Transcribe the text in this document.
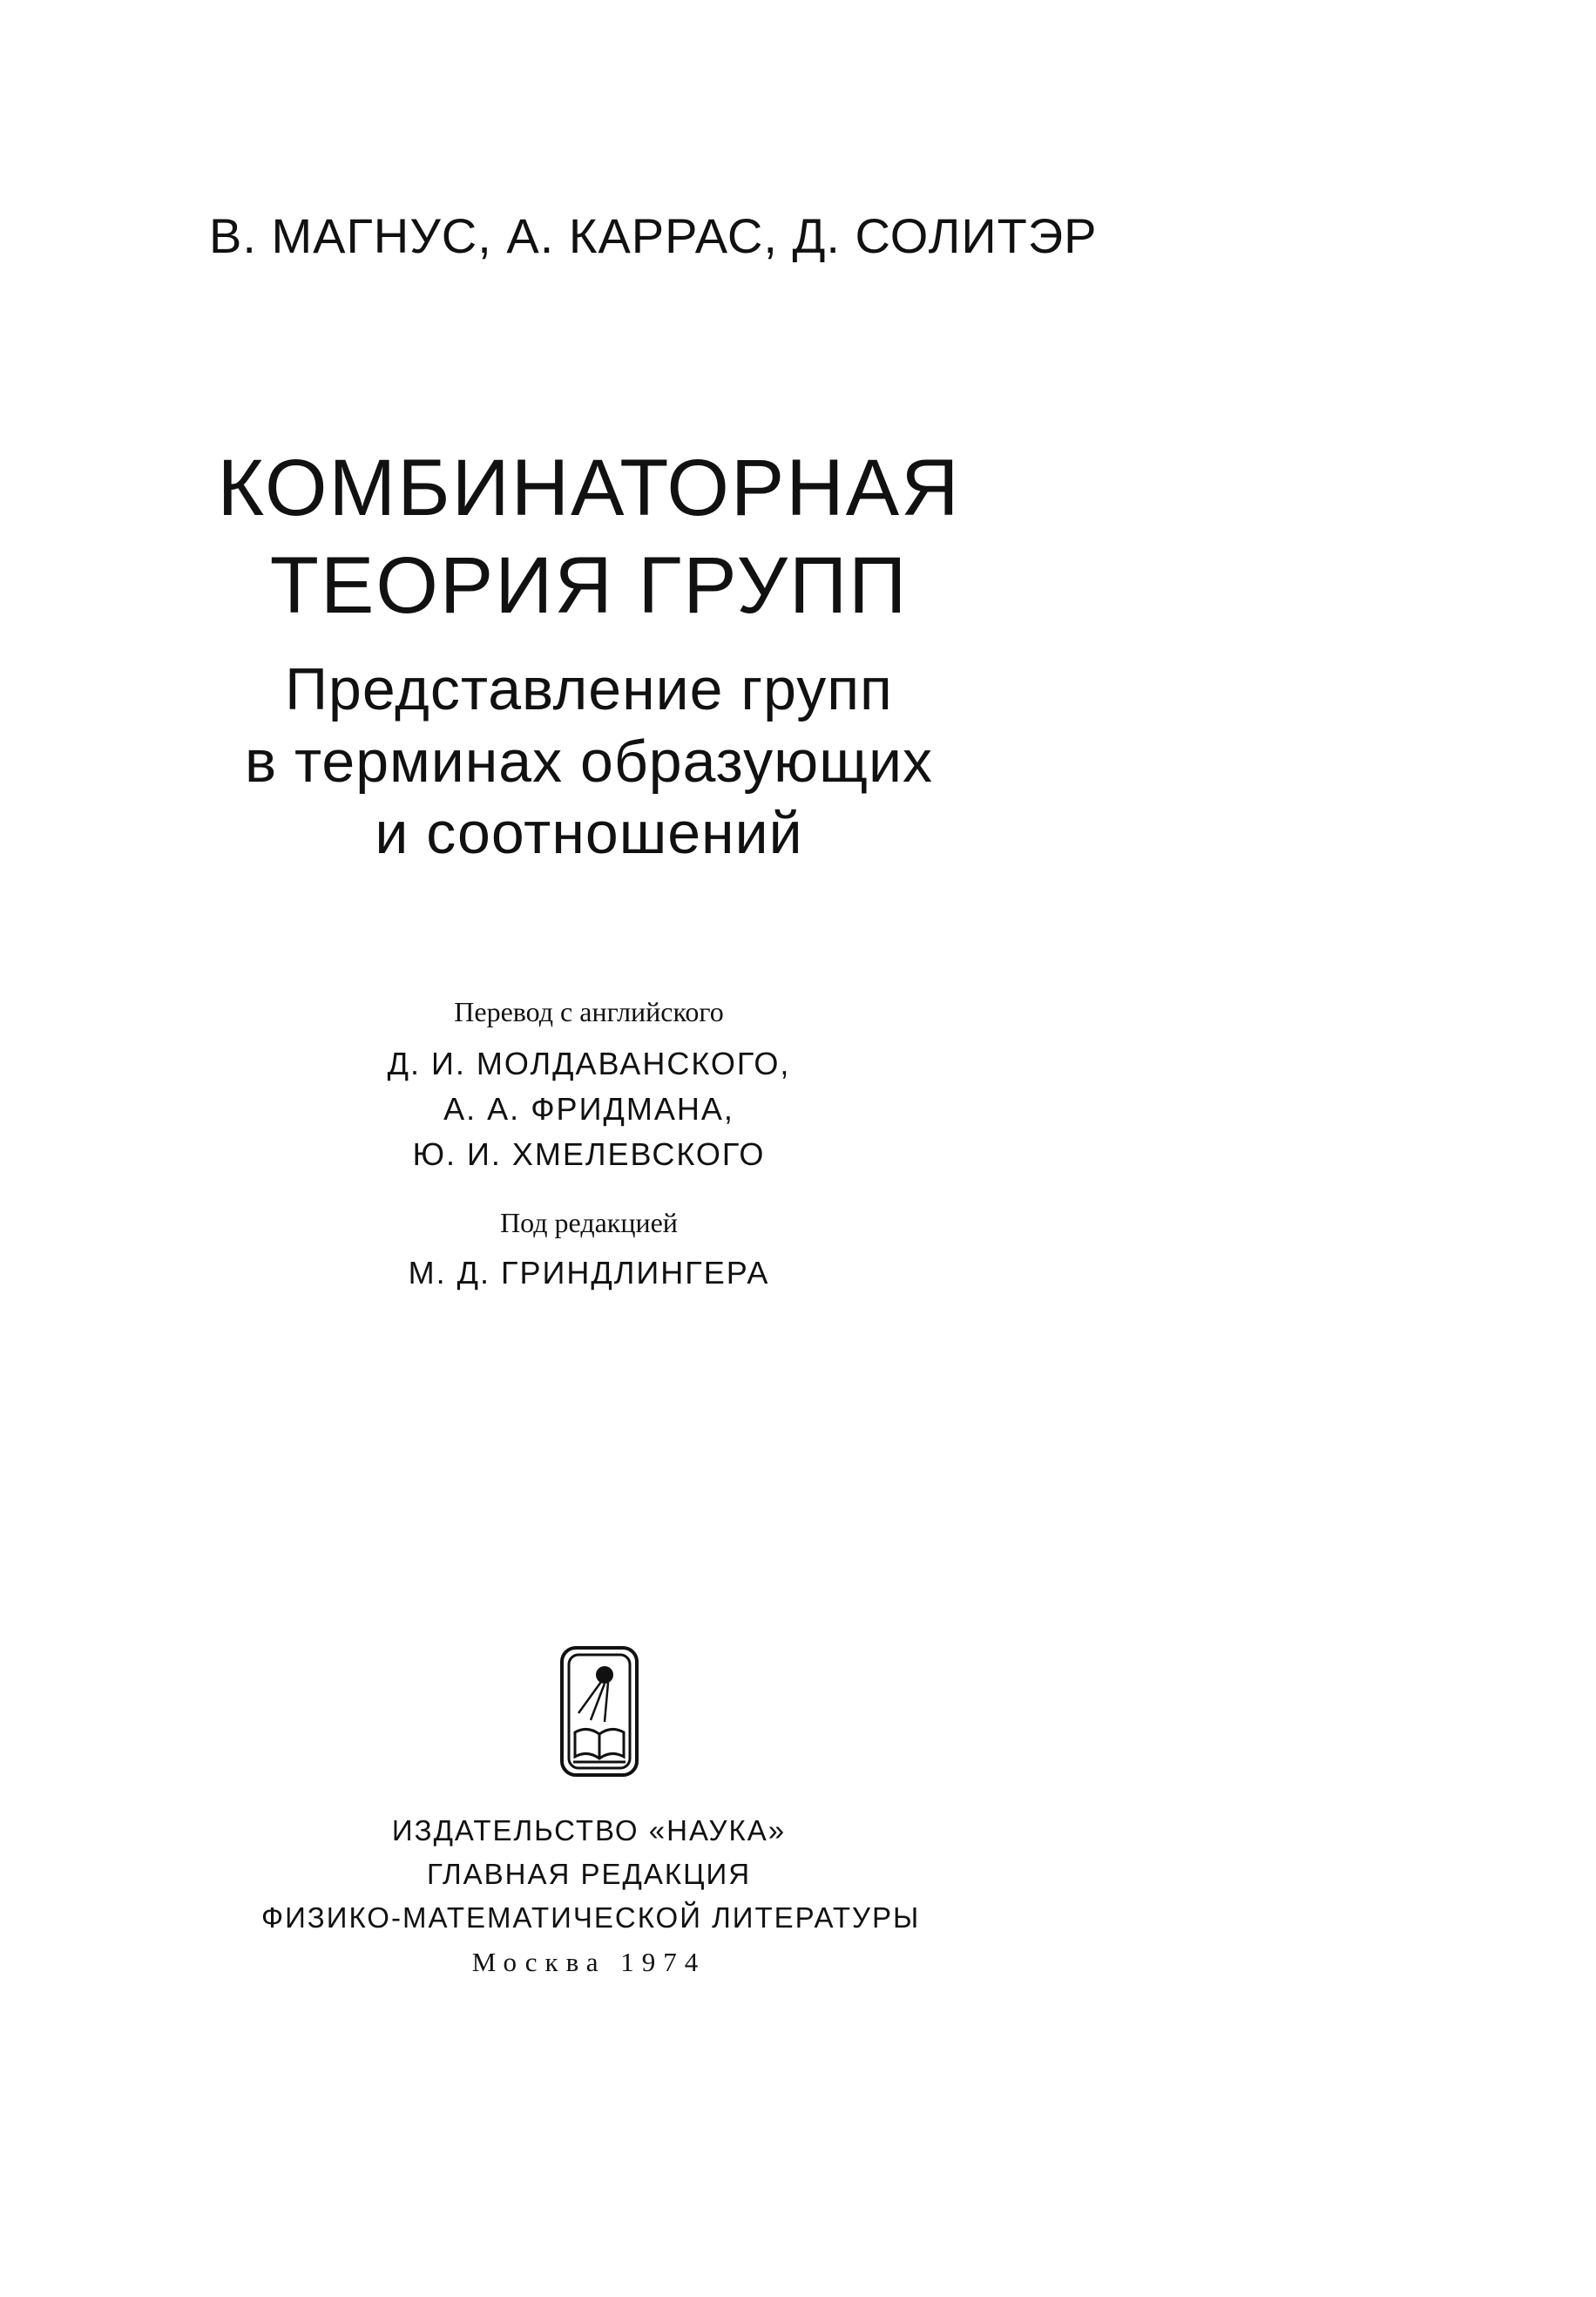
В. МАГНУС, А. КАРРАС, Д. СОЛИТЭР
КОМБИНАТОРНАЯ
ТЕОРИЯ ГРУПП
Представление групп
в терминах образующих
и соотношений
Перевод с английского
Д. И. МОЛДАВАНСКОГО,
А. А. ФРИДМАНА,
Ю. И. ХМЕЛЕВСКОГО
Под редакцией
М. Д. ГРИНДЛИНГЕРА
ИЗДАТЕЛЬСТВО «НАУКА»
ГЛАВНАЯ РЕДАКЦИЯ
ФИЗИКО-МАТЕМАТИЧЕСКОЙ ЛИТЕРАТУРЫ
Москва 1974
